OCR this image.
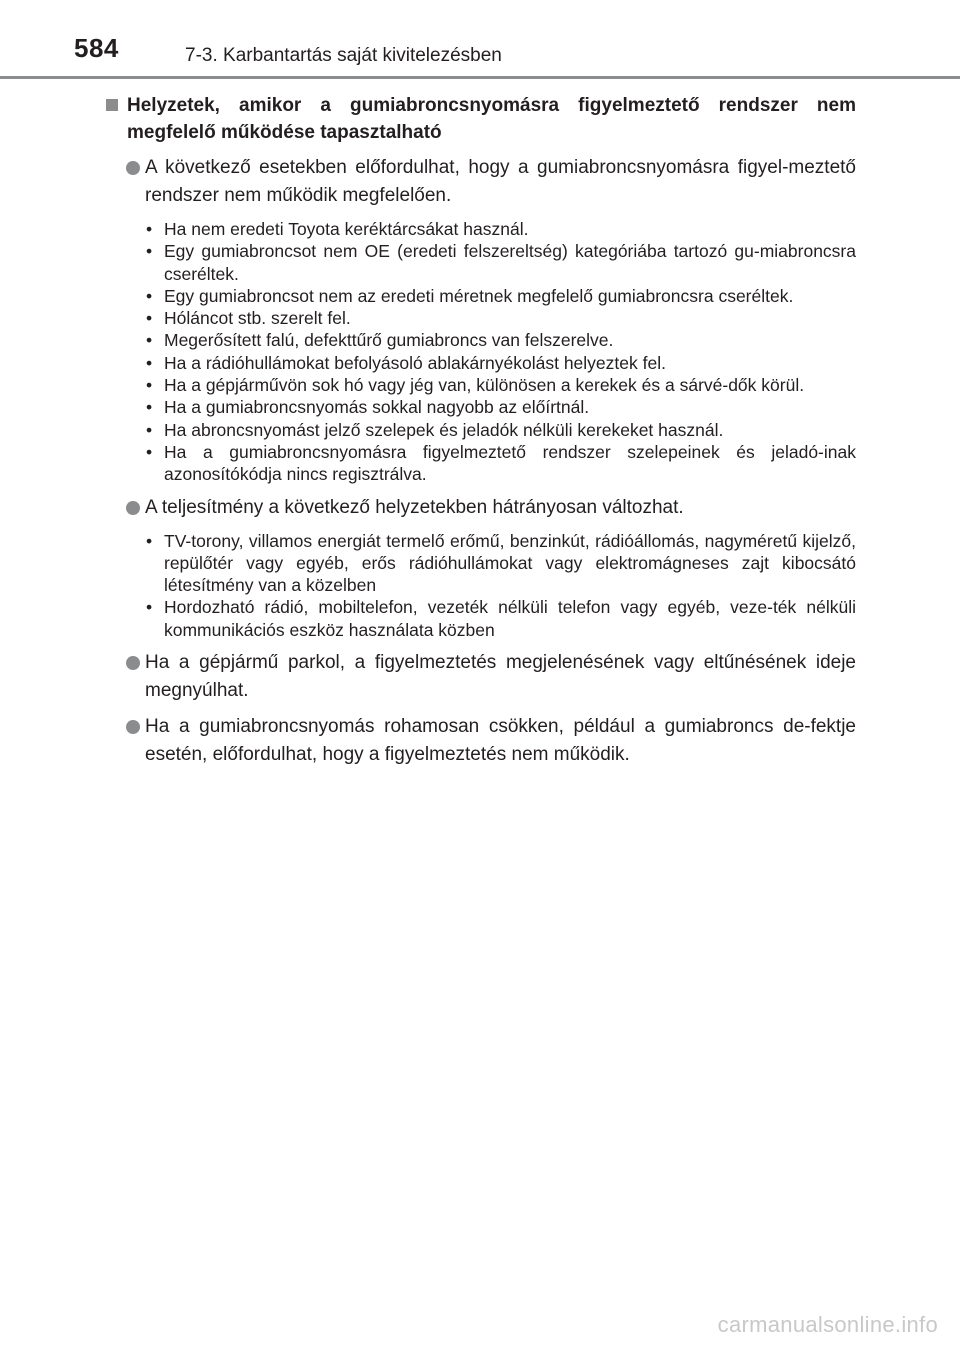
584	7-3. Karbantartás saját kivitelezésben
Helyzetek, amikor a gumiabroncsnyomásra figyelmeztető rendszer nem megfelelő működése tapasztalható
A következő esetekben előfordulhat, hogy a gumiabroncsnyomásra figyel-meztető rendszer nem működik megfelelően.
• Ha nem eredeti Toyota keréktárcsákat használ.
• Egy gumiabroncsot nem OE (eredeti felszereltség) kategóriába tartozó gu-miabroncsra cseréltek.
• Egy gumiabroncsot nem az eredeti méretnek megfelelő gumiabroncsra cseréltek.
• Hóláncot stb. szerelt fel.
• Megerősített falú, defekttűrő gumiabroncs van felszerelve.
• Ha a rádióhullámokat befolyásoló ablakárnyékolást helyeztek fel.
• Ha a gépjárművön sok hó vagy jég van, különösen a kerekek és a sárvé-dők körül.
• Ha a gumiabroncsnyomás sokkal nagyobb az előírtnál.
• Ha abroncsnyomást jelző szelepek és jeladók nélküli kerekeket használ.
• Ha a gumiabroncsnyomásra figyelmeztető rendszer szelepeinek és jeladó-inak azonosítókódja nincs regisztrálva.
A teljesítmény a következő helyzetekben hátrányosan változhat.
• TV-torony, villamos energiát termelő erőmű, benzinkút, rádióállomás, nagyméretű kijelző, repülőtér vagy egyéb, erős rádióhullámokat vagy elektromágneses zajt kibocsátó létesítmény van a közelben
• Hordozható rádió, mobiltelefon, vezeték nélküli telefon vagy egyéb, veze-ték nélküli kommunikációs eszköz használata közben
Ha a gépjármű parkol, a figyelmeztetés megjelenésének vagy eltűnésének ideje megnyúlhat.
Ha a gumiabroncsnyomás rohamosan csökken, például a gumiabroncs de-fektje esetén, előfordulhat, hogy a figyelmeztetés nem működik.
carmanualsonline.info
